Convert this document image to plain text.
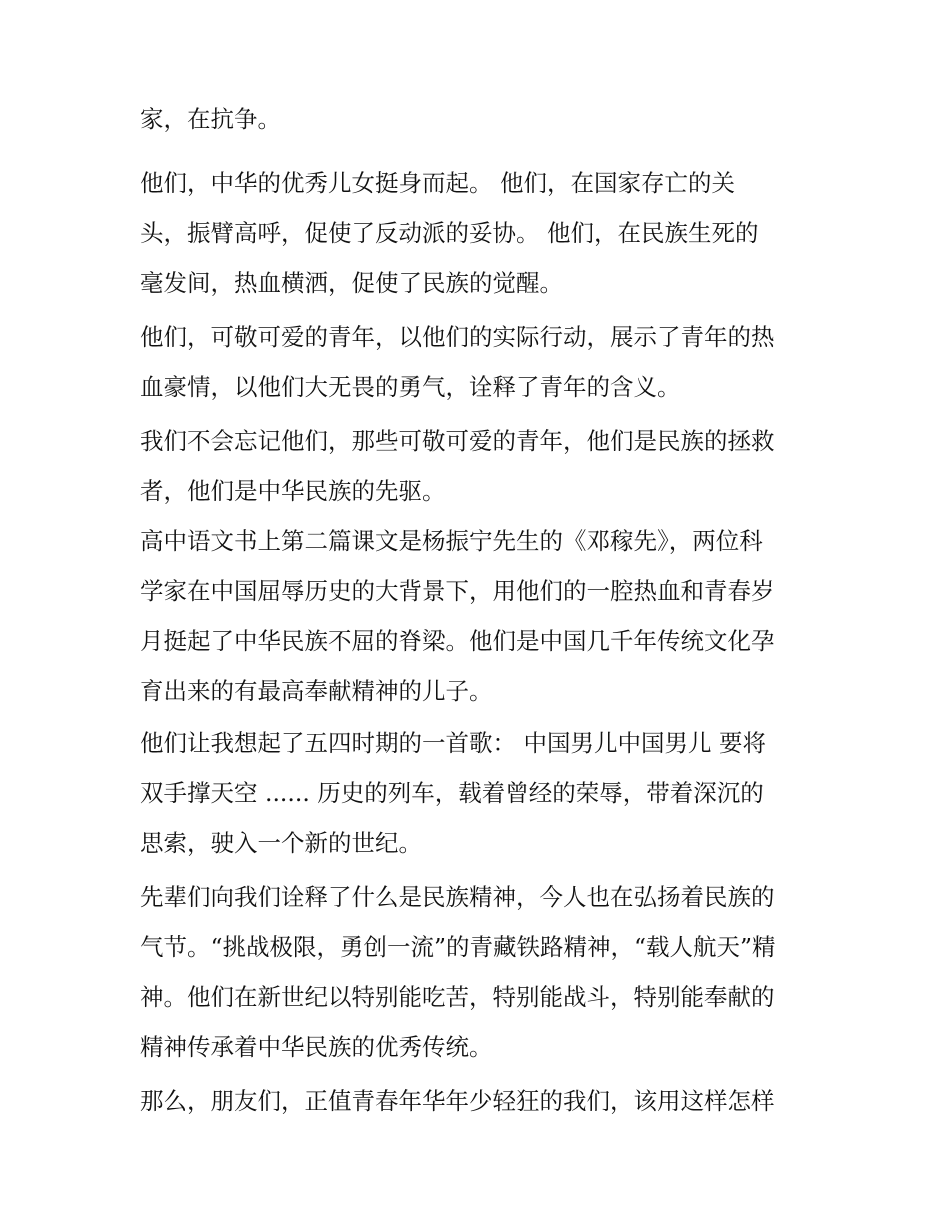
家，在抗争。
他们，中华的优秀儿女挺身而起。 他们，在国家存亡的关
头，振臂高呼，促使了反动派的妥协。 他们，在民族生死的
毫发间，热血横洒，促使了民族的觉醒。
他们，可敬可爱的青年，以他们的实际行动，展示了青年的热
血豪情，以他们大无畏的勇气，诠释了青年的含义。
我们不会忘记他们，那些可敬可爱的青年，他们是民族的拯救
者，他们是中华民族的先驱。
高中语文书上第二篇课文是杨振宁先生的《邓稼先》，两位科
学家在中国屈辱历史的大背景下，用他们的一腔热血和青春岁
月挺起了中华民族不屈的脊梁。他们是中国几千年传统文化孕
育出来的有最高奉献精神的儿子。
他们让我想起了五四时期的一首歌： 中国男儿中国男儿 要将
双手撑天空 ...... 历史的列车，载着曾经的荣辱，带着深沉的
思索，驶入一个新的世纪。
先辈们向我们诠释了什么是民族精神，今人也在弘扬着民族的
气节。“挑战极限，勇创一流”的青藏铁路精神，“载人航天”精
神。他们在新世纪以特别能吃苦，特别能战斗，特别能奉献的
精神传承着中华民族的优秀传统。
那么，朋友们，正值青春年华年少轻狂的我们，该用这样怎样
